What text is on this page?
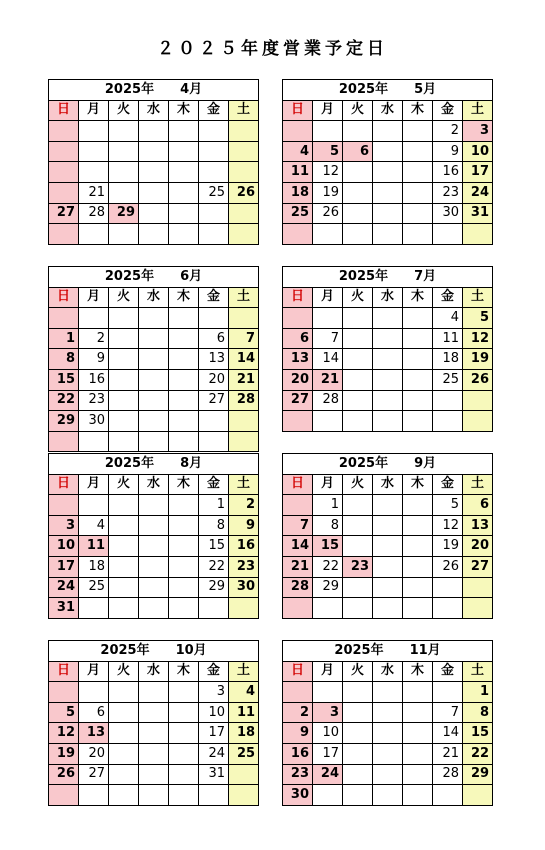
２０２５年度営業予定日
2025年　　4月						
日	月	火	水	木	金	土

	21				25	26
27	28	29				

2025年　　5月						
日	月	火	水	木	金	土
					2	3
4	5	6			9	10
11	12				16	17
18	19				23	24
25	26				30	31

2025年　　6月						
日	月	火	水	木	金	土

1	2				6	7
8	9				13	14
15	16				20	21
22	23				27	28
29	30					

2025年　　7月						
日	月	火	水	木	金	土
					4	5
6	7				11	12
13	14				18	19
20	21				25	26
27	28					

2025年　　8月						
日	月	火	水	木	金	土
					1	2
3	4				8	9
10	11				15	16
17	18				22	23
24	25				29	30
31						
2025年　　9月						
日	月	火	水	木	金	土
	1				5	6
7	8				12	13
14	15				19	20
21	22	23			26	27
28	29					

2025年　　10月						
日	月	火	水	木	金	土
					3	4
5	6				10	11
12	13				17	18
19	20				24	25
26	27				31	

2025年　　11月						
日	月	火	水	木	金	土
						1
2	3				7	8
9	10				14	15
16	17				21	22
23	24				28	29
30						
